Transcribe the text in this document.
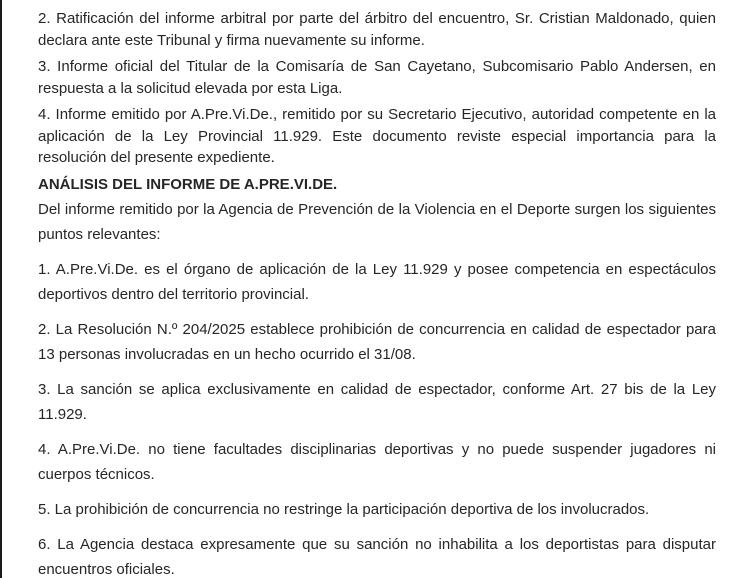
2. Ratificación del informe arbitral por parte del árbitro del encuentro, Sr. Cristian Maldonado, quien declara ante este Tribunal y firma nuevamente su informe.

3. Informe oficial del Titular de la Comisaría de San Cayetano, Subcomisario Pablo Andersen, en respuesta a la solicitud elevada por esta Liga.

4. Informe emitido por A.Pre.Vi.De., remitido por su Secretario Ejecutivo, autoridad competente en la aplicación de la Ley Provincial 11.929. Este documento reviste especial importancia para la resolución del presente expediente.

ANÁLISIS DEL INFORME DE A.PRE.VI.DE.

Del informe remitido por la Agencia de Prevención de la Violencia en el Deporte surgen los siguientes puntos relevantes:

1. A.Pre.Vi.De. es el órgano de aplicación de la Ley 11.929 y posee competencia en espectáculos deportivos dentro del territorio provincial.

2. La Resolución N.º 204/2025 establece prohibición de concurrencia en calidad de espectador para 13 personas involucradas en un hecho ocurrido el 31/08.

3. La sanción se aplica exclusivamente en calidad de espectador, conforme Art. 27 bis de la Ley 11.929.

4. A.Pre.Vi.De. no tiene facultades disciplinarias deportivas y no puede suspender jugadores ni cuerpos técnicos.

5. La prohibición de concurrencia no restringe la participación deportiva de los involucrados.

6. La Agencia destaca expresamente que su sanción no inhabilita a los deportistas para disputar encuentros oficiales.
